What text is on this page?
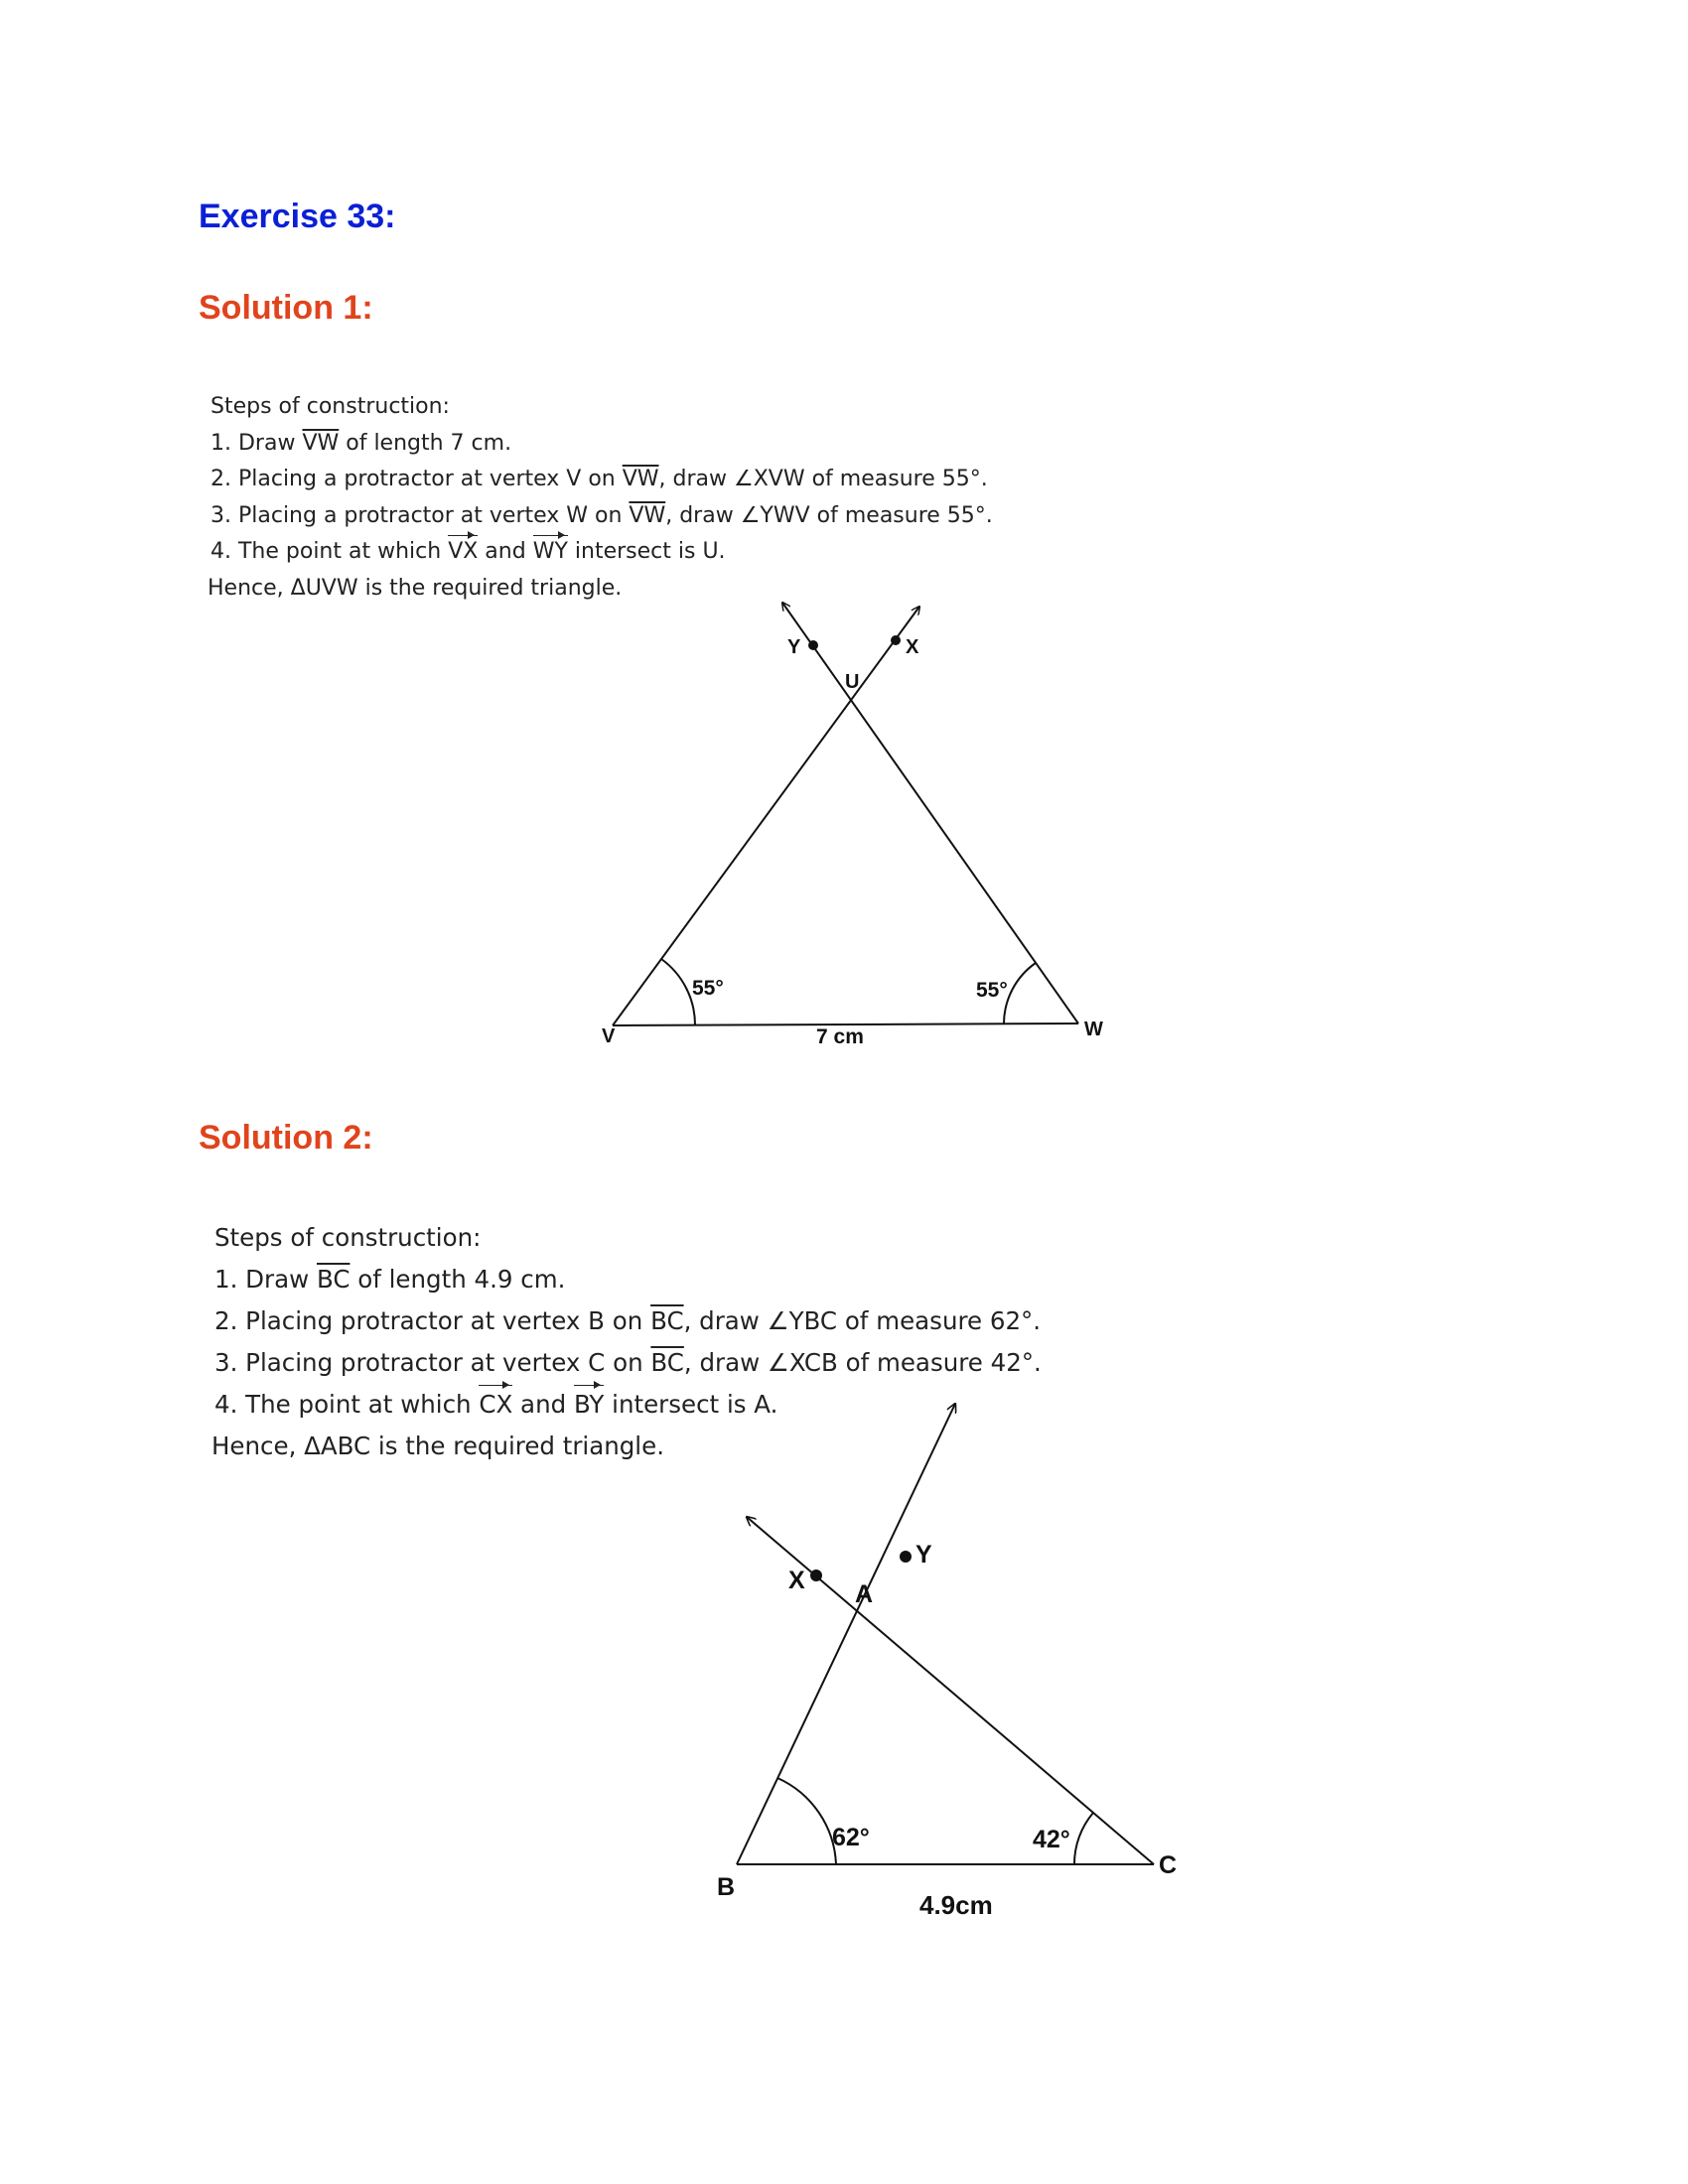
Exercise 33:
Solution 1:
Steps of construction:
1. Draw $\overline{VW}$ of length 7 cm.
2. Placing a protractor at vertex V on $\overline{VW}$, draw ∠XVW of measure 55°.
3. Placing a protractor at vertex W on $\overline{VW}$, draw ∠YWV of measure 55°.
4. The point at which VX and WY intersect is U.
Hence, ΔUVW is the required triangle.
Y	X
U
V	W
55°	55°
7 cm
Solution 2:
Steps of construction:
1. Draw $\overline{BC}$ of length 4.9 cm.
2. Placing protractor at vertex B on $\overline{BC}$, draw ∠YBC of measure 62°.
3. Placing protractor at vertex C on $\overline{BC}$, draw ∠XCB of measure 42°.
4. The point at which CX and BY intersect is A.
Hence, ΔABC is the required triangle.
X
Y
A
B
C
62°	42°
4.9cm
